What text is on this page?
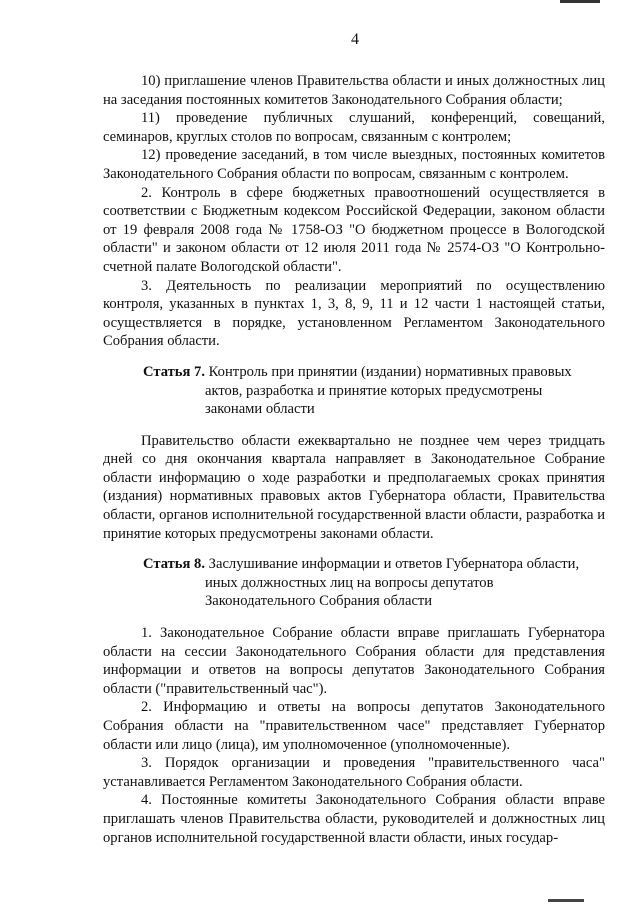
4

10) приглашение членов Правительства области и иных должностных лиц на заседания постоянных комитетов Законодательного Собрания области;

11) проведение публичных слушаний, конференций, совещаний, семинаров, круглых столов по вопросам, связанным с контролем;

12) проведение заседаний, в том числе выездных, постоянных комитетов Законодательного Собрания области по вопросам, связанным с контролем.

2. Контроль в сфере бюджетных правоотношений осуществляется в соответствии с Бюджетным кодексом Российской Федерации, законом области от 19 февраля 2008 года № 1758-ОЗ "О бюджетном процессе в Вологодской области" и законом области от 12 июля 2011 года № 2574-ОЗ "О Контрольно-счетной палате Вологодской области".

3. Деятельность по реализации мероприятий по осуществлению контроля, указанных в пунктах 1, 3, 8, 9, 11 и 12 части 1 настоящей статьи, осуществляется в порядке, установленном Регламентом Законодательного Собрания области.

Статья 7. Контроль при принятии (издании) нормативных правовых
актов, разработка и принятие которых предусмотрены
законами области

Правительство области ежеквартально не позднее чем через тридцать дней со дня окончания квартала направляет в Законодательное Собрание области информацию о ходе разработки и предполагаемых сроках принятия (издания) нормативных правовых актов Губернатора области, Правительства области, органов исполнительной государственной власти области, разработка и принятие которых предусмотрены законами области.

Статья 8. Заслушивание информации и ответов Губернатора области,
иных должностных лиц на вопросы депутатов
Законодательного Собрания области

1. Законодательное Собрание области вправе приглашать Губернатора области на сессии Законодательного Собрания области для представления информации и ответов на вопросы депутатов Законодательного Собрания области ("правительственный час").

2. Информацию и ответы на вопросы депутатов Законодательного Собрания области на "правительственном часе" представляет Губернатор области или лицо (лица), им уполномоченное (уполномоченные).

3. Порядок организации и проведения "правительственного часа" устанавливается Регламентом Законодательного Собрания области.

4. Постоянные комитеты Законодательного Собрания области вправе приглашать членов Правительства области, руководителей и должностных лиц органов исполнительной государственной власти области, иных государ-
